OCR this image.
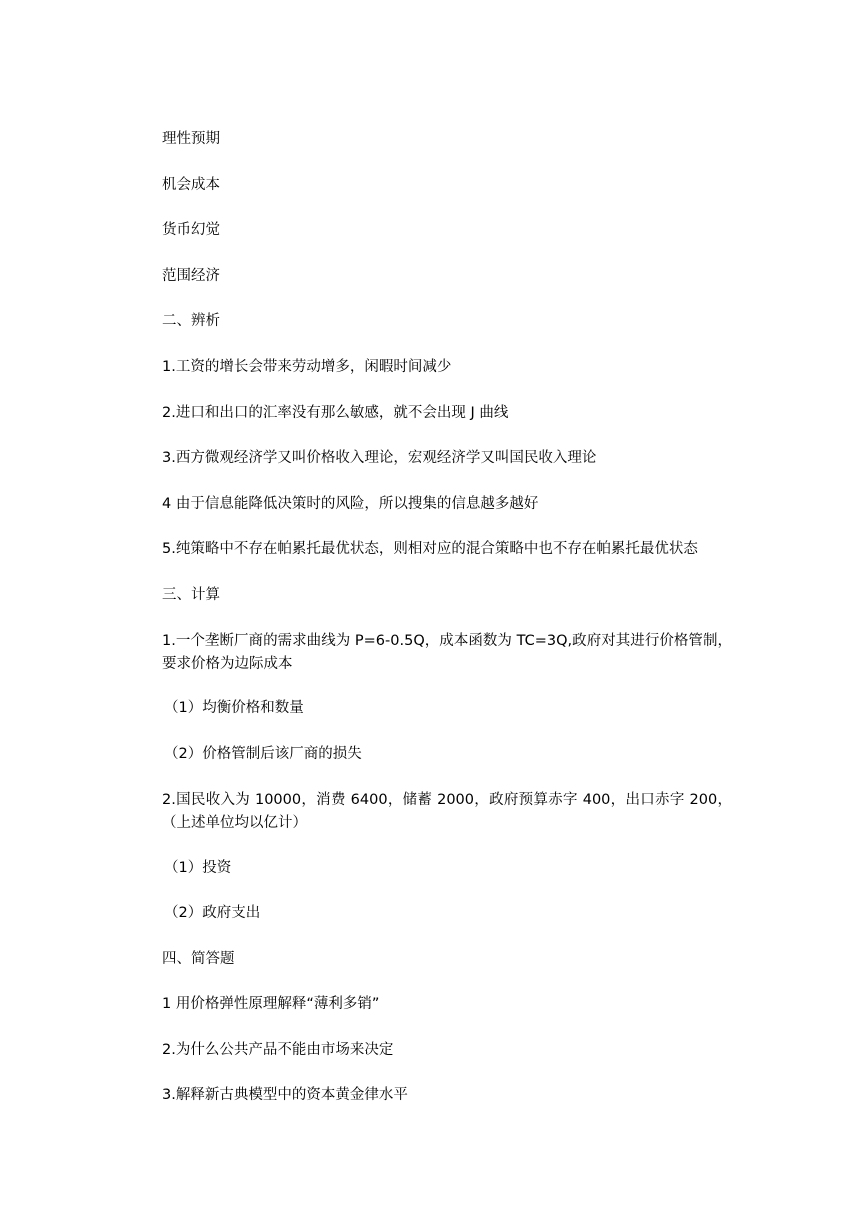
理性预期

机会成本

货币幻觉

范围经济

二、辨析

1.工资的增长会带来劳动增多，闲暇时间减少

2.进口和出口的汇率没有那么敏感，就不会出现 J 曲线

3.西方微观经济学又叫价格收入理论，宏观经济学又叫国民收入理论

4 由于信息能降低决策时的风险，所以搜集的信息越多越好

5.纯策略中不存在帕累托最优状态，则相对应的混合策略中也不存在帕累托最优状态

三、计算

1.一个垄断厂商的需求曲线为 P=6-0.5Q，成本函数为 TC=3Q,政府对其进行价格管制，要求价格为边际成本

（1）均衡价格和数量

（2）价格管制后该厂商的损失

2.国民收入为 10000，消费 6400，储蓄 2000，政府预算赤字 400，出口赤字 200，（上述单位均以亿计）

（1）投资

（2）政府支出

四、简答题

1 用价格弹性原理解释“薄利多销”

2.为什么公共产品不能由市场来决定

3.解释新古典模型中的资本黄金律水平
